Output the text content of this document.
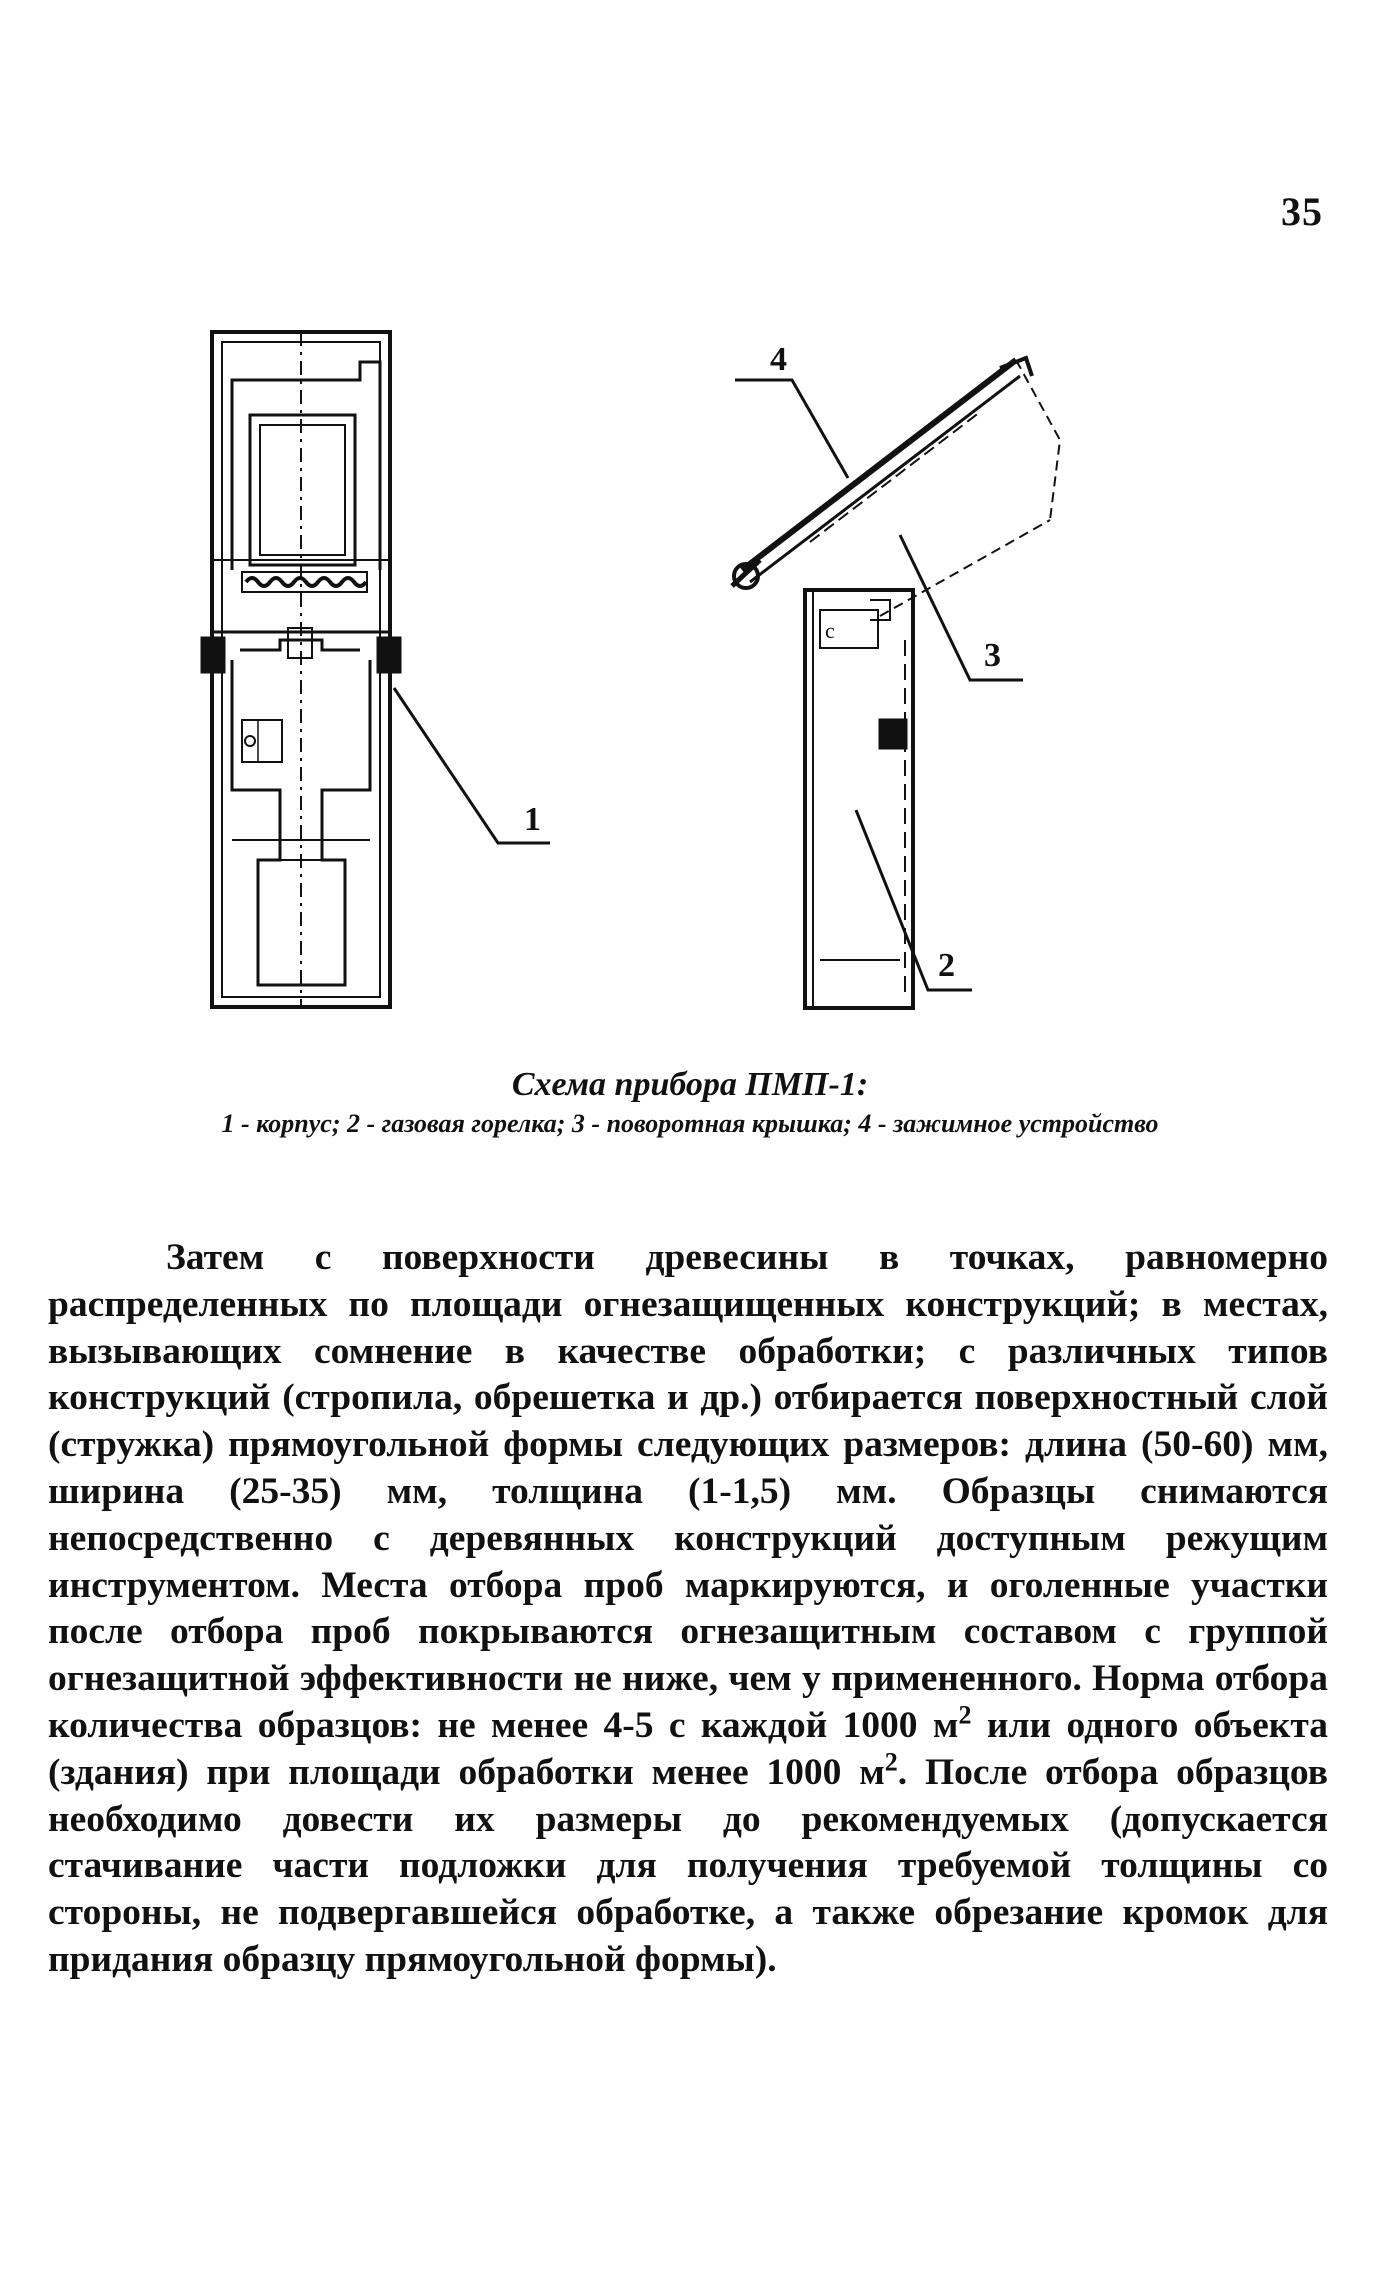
35
1
2
3
4
c
Схема прибора ПМП-1:
1 - корпус; 2 - газовая горелка; 3 - поворотная крышка; 4 - зажимное устройство

Затем с поверхности древесины в точках, равномерно распределенных по площади огнезащищенных конструкций; в местах, вызывающих сомнение в качестве обработки; с различных типов конструкций (стропила, обрешетка и др.) отбирается поверхностный слой (стружка) прямоугольной формы следующих размеров: длина (50-60) мм, ширина (25-35) мм, толщина (1-1,5) мм. Образцы снимаются непосредственно с деревянных конструкций доступным режущим инструментом. Места отбора проб маркируются, и оголенные участки после отбора проб покрываются огнезащитным составом с группой огнезащитной эффективности не ниже, чем у примененного. Норма отбора количества образцов: не менее 4-5 с каждой 1000 $м^2$ или одного объекта (здания) при площади обработки менее 1000 $м^2$. После отбора образцов необходимо довести их размеры до рекомендуемых (допускается стачивание части подложки для получения требуемой толщины со стороны, не подвергавшейся обработке, а также обрезание кромок для придания образцу прямоугольной формы).
